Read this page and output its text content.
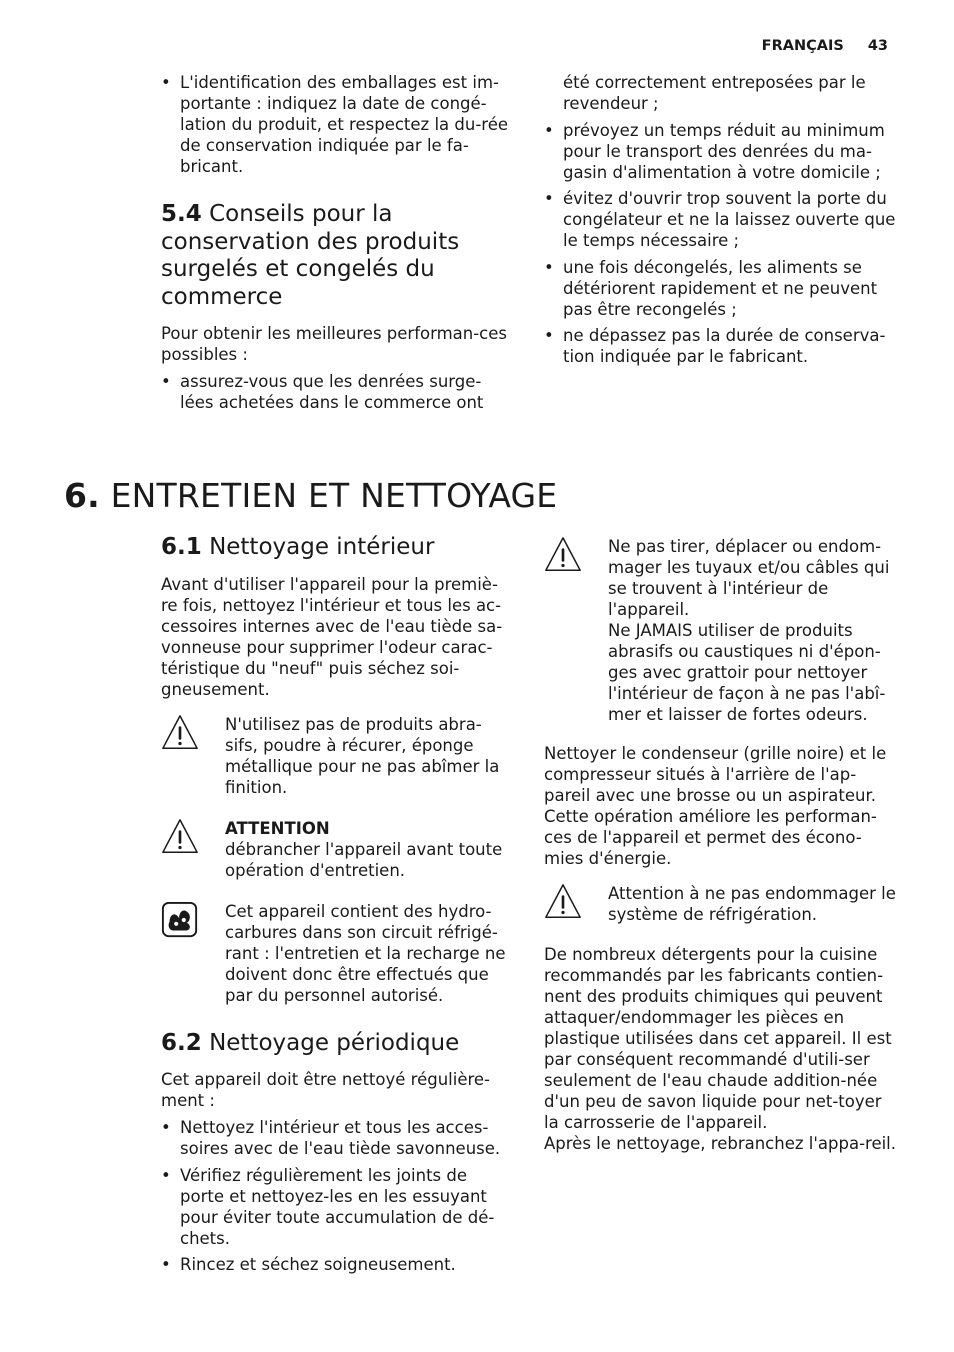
FRANÇAIS 43
• L'identification des emballages est im-portante : indiquez la date de congé-lation du produit, et respectez la du-rée de conservation indiquée par le fa-bricant.
5.4 Conseils pour la conservation des produits surgelés et congelés du commerce

Pour obtenir les meilleures performan-ces possibles :

• assurez-vous que les denrées surge-lées achetées dans le commerce ont

été correctement entreposées par le revendeur ;

• prévoyez un temps réduit au minimum pour le transport des denrées du ma-gasin d'alimentation à votre domicile ;
• évitez d'ouvrir trop souvent la porte du congélateur et ne la laissez ouverte que le temps nécessaire ;
• une fois décongelés, les aliments se détériorent rapidement et ne peuvent pas être recongelés ;
• ne dépassez pas la durée de conserva-tion indiquée par le fabricant.
6. ENTRETIEN ET NETTOYAGE
6.1 Nettoyage intérieur

Avant d'utiliser l'appareil pour la premiè-re fois, nettoyez l'intérieur et tous les ac-cessoires internes avec de l'eau tiède sa-vonneuse pour supprimer l'odeur carac-téristique du "neuf" puis séchez soi-gneusement.

N'utilisez pas de produits abra-sifs, poudre à récurer, éponge métallique pour ne pas abîmer la finition.

ATTENTION

débrancher l'appareil avant toute opération d'entretien.

Cet appareil contient des hydro-carbures dans son circuit réfrigé-rant : l'entretien et la recharge ne doivent donc être effectués que par du personnel autorisé.

6.2 Nettoyage périodique

Cet appareil doit être nettoyé régulière-ment :

• Nettoyez l'intérieur et tous les acces-soires avec de l'eau tiède savonneuse.
• Vérifiez régulièrement les joints de porte et nettoyez-les en les essuyant pour éviter toute accumulation de dé-chets.
• Rincez et séchez soigneusement.

Ne pas tirer, déplacer ou endom-mager les tuyaux et/ou câbles qui se trouvent à l'intérieur de l'appareil.

Ne JAMAIS utiliser de produits abrasifs ou caustiques ni d'épon-ges avec grattoir pour nettoyer l'intérieur de façon à ne pas l'abî-mer et laisser de fortes odeurs.

Nettoyer le condenseur (grille noire) et le compresseur situés à l'arrière de l'ap-pareil avec une brosse ou un aspirateur. Cette opération améliore les performan-ces de l'appareil et permet des écono-mies d'énergie.

Attention à ne pas endommager le système de réfrigération.

De nombreux détergents pour la cuisine recommandés par les fabricants contien-nent des produits chimiques qui peuvent attaquer/endommager les pièces en plastique utilisées dans cet appareil. Il est par conséquent recommandé d'utili-ser seulement de l'eau chaude addition-née d'un peu de savon liquide pour net-toyer la carrosserie de l'appareil.

Après le nettoyage, rebranchez l'appa-reil.
